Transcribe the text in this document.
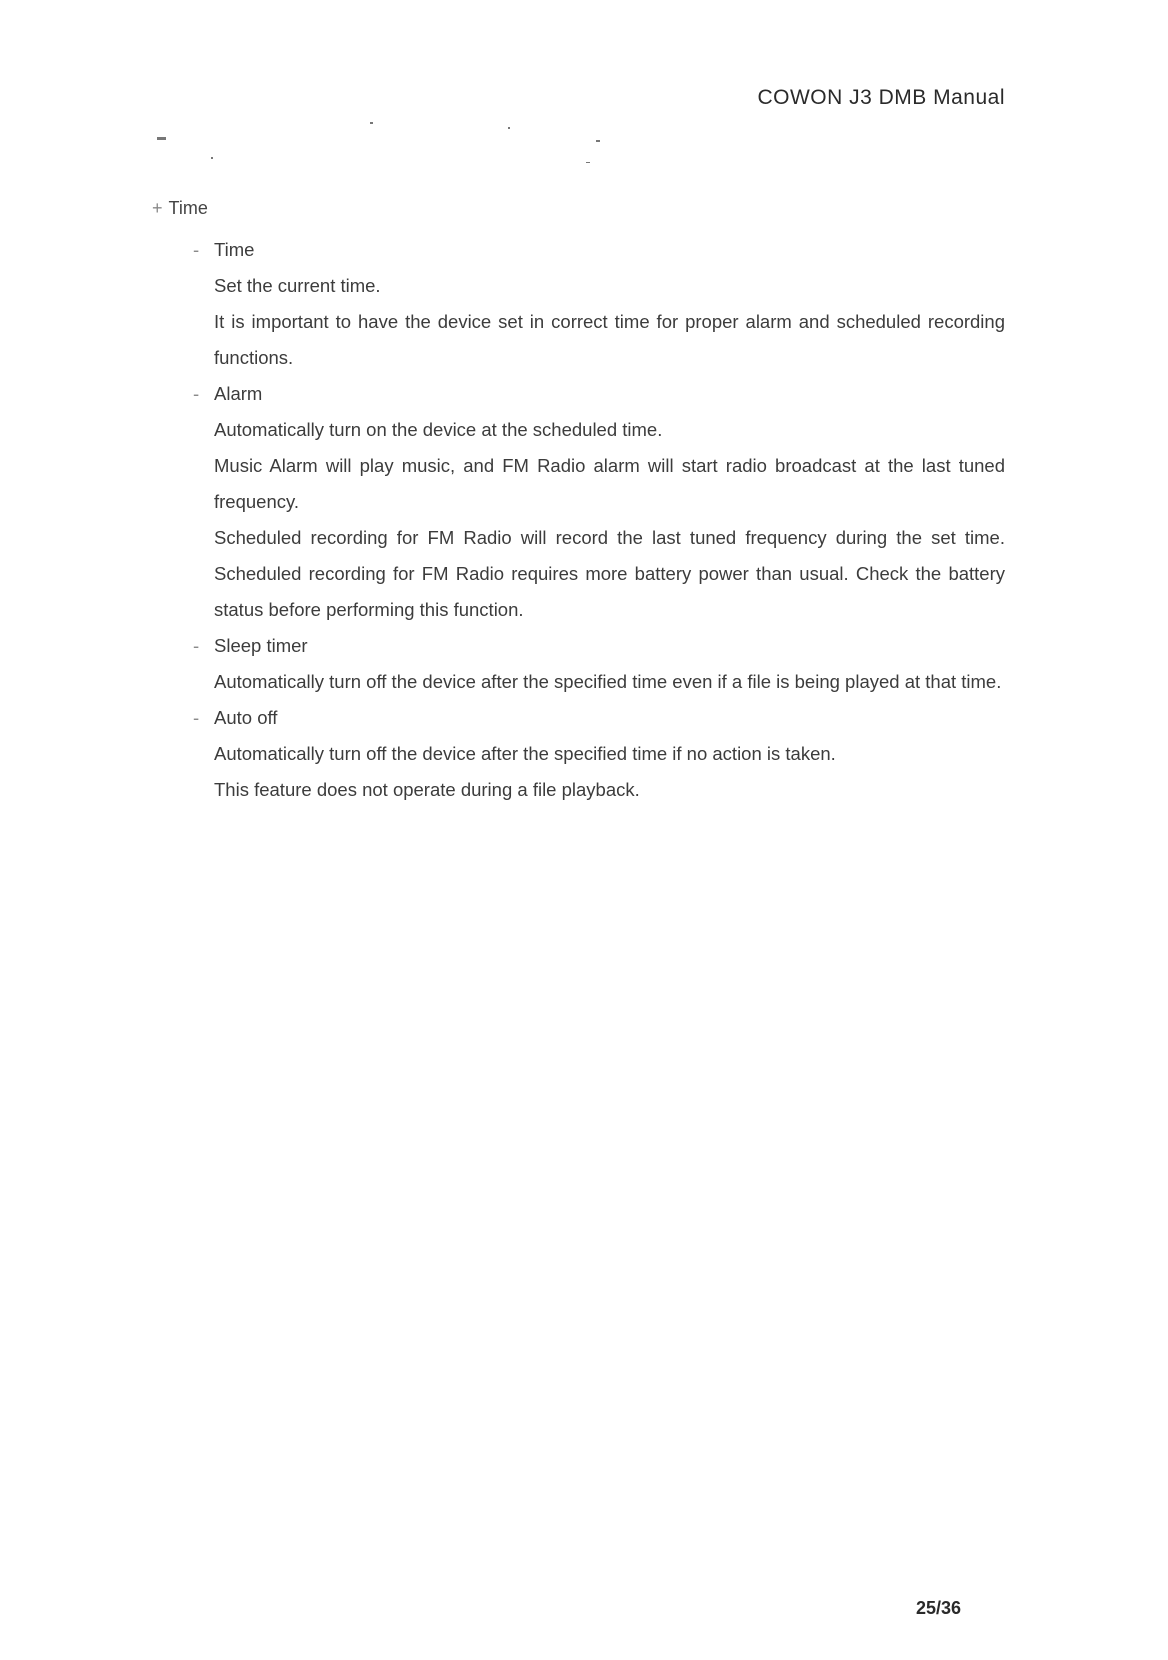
COWON J3 DMB Manual
+ Time

- Time

Set the current time.

It is important to have the device set in correct time for proper alarm and scheduled recording functions.

- Alarm

Automatically turn on the device at the scheduled time.

Music Alarm will play music, and FM Radio alarm will start radio broadcast at the last tuned frequency.

Scheduled recording for FM Radio will record the last tuned frequency during the set time. Scheduled recording for FM Radio requires more battery power than usual. Check the battery status before performing this function.

- Sleep timer

Automatically turn off the device after the specified time even if a file is being played at that time.

- Auto off

Automatically turn off the device after the specified time if no action is taken.

This feature does not operate during a file playback.

25/36
